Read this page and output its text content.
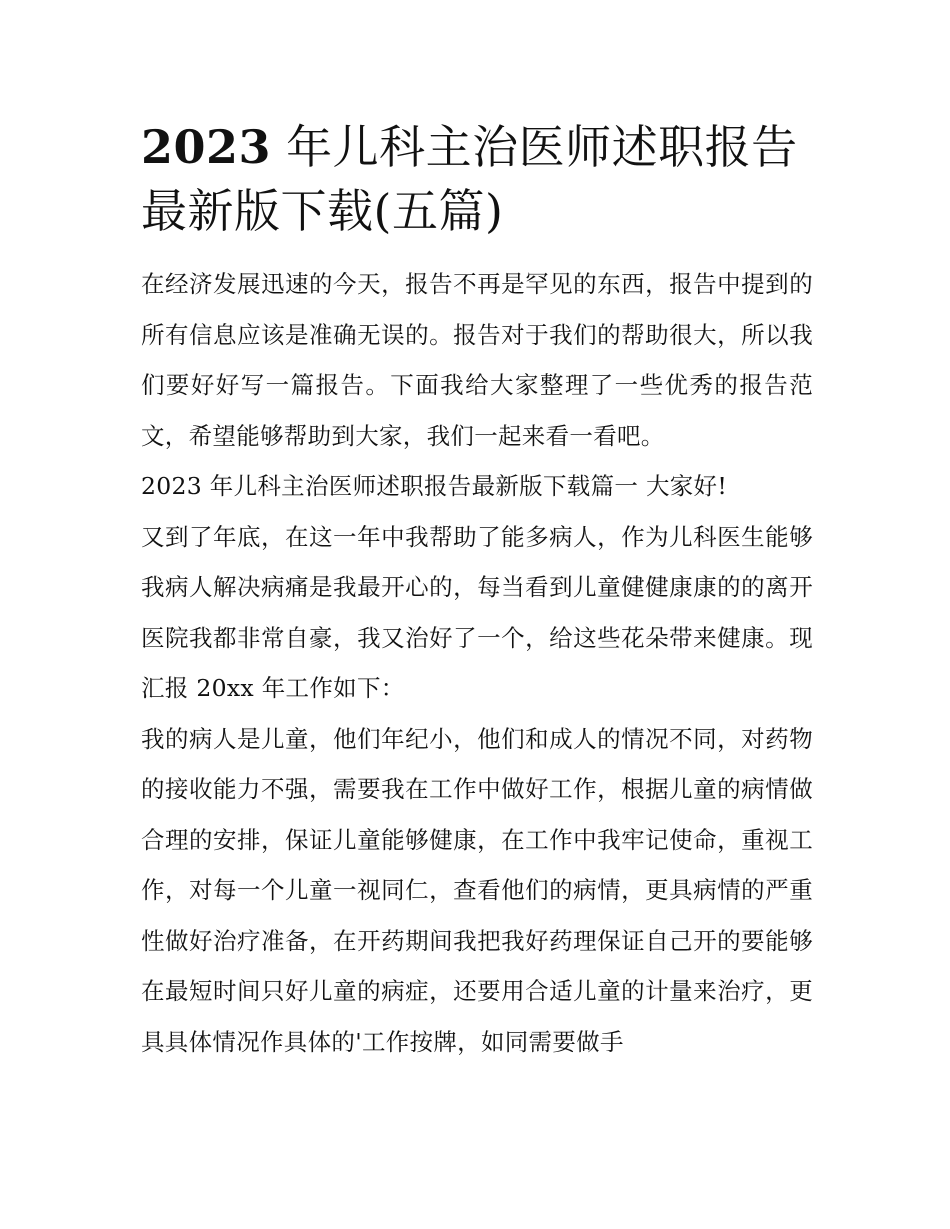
2023 年儿科主治医师述职报告最新版下载(五篇)

在经济发展迅速的今天，报告不再是罕见的东西，报告中提到的所有信息应该是准确无误的。报告对于我们的帮助很大，所以我们要好好写一篇报告。下面我给大家整理了一些优秀的报告范文，希望能够帮助到大家，我们一起来看一看吧。

2023 年儿科主治医师述职报告最新版下载篇一 大家好!

又到了年底，在这一年中我帮助了能多病人，作为儿科医生能够我病人解决病痛是我最开心的，每当看到儿童健健康康的的离开医院我都非常自豪，我又治好了一个，给这些花朵带来健康。现汇报 20xx 年工作如下：

我的病人是儿童，他们年纪小，他们和成人的情况不同，对药物的接收能力不强，需要我在工作中做好工作，根据儿童的病情做合理的安排，保证儿童能够健康，在工作中我牢记使命，重视工作，对每一个儿童一视同仁，查看他们的病情，更具病情的严重性做好治疗准备，在开药期间我把我好药理保证自己开的要能够在最短时间只好儿童的病症，还要用合适儿童的计量来治疗，更具具体情况作具体的'工作按牌，如同需要做手
